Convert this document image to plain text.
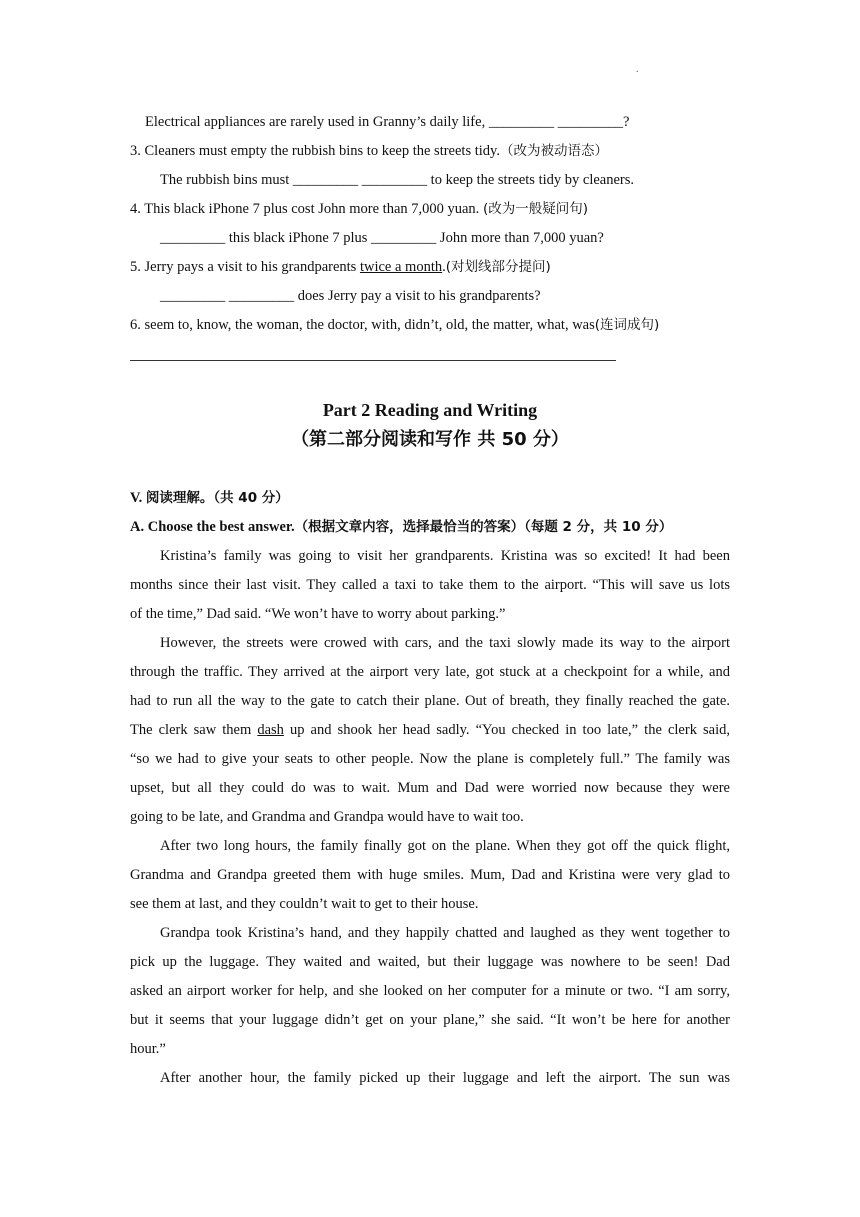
.
Electrical appliances are rarely used in Granny’s daily life, _________ _________?
3. Cleaners must empty the rubbish bins to keep the streets tidy.（改为被动语态）
The rubbish bins must _________ _________ to keep the streets tidy by cleaners.
4. This black iPhone 7 plus cost John more than 7,000 yuan. (改为一般疑问句)
_________ this black iPhone 7 plus _________ John more than 7,000 yuan?
5. Jerry pays a visit to his grandparents twice a month.(对划线部分提问)
_________ _________ does Jerry pay a visit to his grandparents?
6. seem to, know, the woman, the doctor, with, didn’t, old, the matter, what, was(连词成句)
Part 2 Reading and Writing
（第二部分阅读和写作 共 50 分）
V. 阅读理解。（共 40 分）
A. Choose the best answer.（根据文章内容，选择最恰当的答案）（每题 2 分，共 10 分）
Kristina’s family was going to visit her grandparents. Kristina was so excited! It had been
months since their last visit. They called a taxi to take them to the airport. “This will save us lots
of the time,” Dad said. “We won’t have to worry about parking.”
However, the streets were crowed with cars, and the taxi slowly made its way to the airport
through the traffic. They arrived at the airport very late, got stuck at a checkpoint for a while, and
had to run all the way to the gate to catch their plane. Out of breath, they finally reached the gate.
The clerk saw them dash up and shook her head sadly. “You checked in too late,” the clerk said,
“so we had to give your seats to other people. Now the plane is completely full.” The family was
upset, but all they could do was to wait. Mum and Dad were worried now because they were
going to be late, and Grandma and Grandpa would have to wait too.
After two long hours, the family finally got on the plane. When they got off the quick flight,
Grandma and Grandpa greeted them with huge smiles. Mum, Dad and Kristina were very glad to
see them at last, and they couldn’t wait to get to their house.
Grandpa took Kristina’s hand, and they happily chatted and laughed as they went together to
pick up the luggage. They waited and waited, but their luggage was nowhere to be seen! Dad
asked an airport worker for help, and she looked on her computer for a minute or two. “I am sorry,
but it seems that your luggage didn’t get on your plane,” she said. “It won’t be here for another
hour.”
After another hour, the family picked up their luggage and left the airport. The sun was
